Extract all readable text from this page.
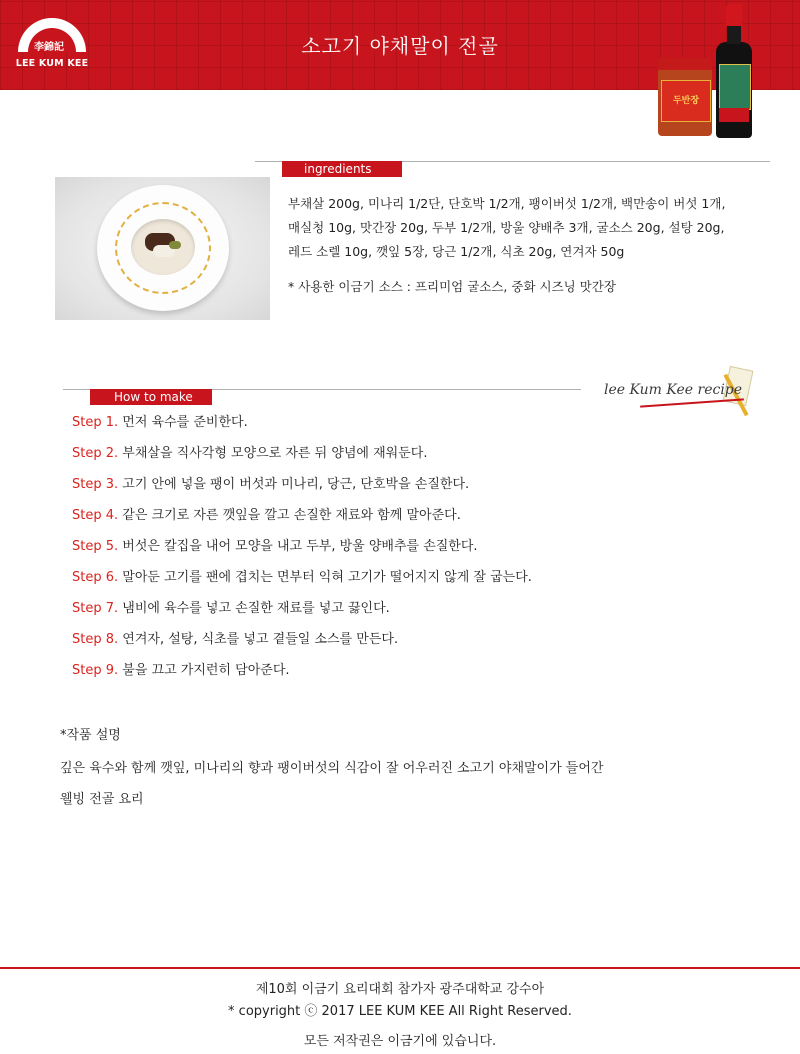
李錦記
LEE KUM KEE
소고기 야채말이 전골
두반장
ingredients
부채살 200g, 미나리 1/2단, 단호박 1/2개, 팽이버섯 1/2개, 백만송이 버섯 1개,
매실청 10g, 맛간장 20g, 두부 1/2개, 방울 양배추 3개, 굴소스 20g, 설탕 20g,
레드 소렐 10g, 깻잎 5장, 당근 1/2개, 식초 20g, 연겨자 50g
* 사용한 이금기 소스 : 프리미엄 굴소스, 중화 시즈닝 맛간장
How to make	lee Kum Kee recipe
Step 1. 먼저 육수를 준비한다.
Step 2. 부채살을 직사각형 모양으로 자른 뒤 양념에 재워둔다.
Step 3. 고기 안에 넣을 팽이 버섯과 미나리, 당근, 단호박을 손질한다.
Step 4. 같은 크기로 자른 깻잎을 깔고 손질한 재료와 함께 말아준다.
Step 5. 버섯은 칼집을 내어 모양을 내고 두부, 방울 양배추를 손질한다.
Step 6. 말아둔 고기를 팬에 겹치는 면부터 익혀 고기가 떨어지지 않게 잘 굽는다.
Step 7. 냄비에 육수를 넣고 손질한 재료를 넣고 끓인다.
Step 8. 연겨자, 설탕, 식초를 넣고 곁들일 소스를 만든다.
Step 9. 불을 끄고 가지런히 담아준다.
*작품 설명
깊은 육수와 함께 깻잎, 미나리의 향과 팽이버섯의 식감이 잘 어우러진 소고기 야채말이가 들어간
웰빙 전골 요리
제10회 이금기 요리대회 참가자 광주대학교 강수아
* copyright ⓒ 2017 LEE KUM KEE All Right Reserved.
모든 저작권은 이금기에 있습니다.
